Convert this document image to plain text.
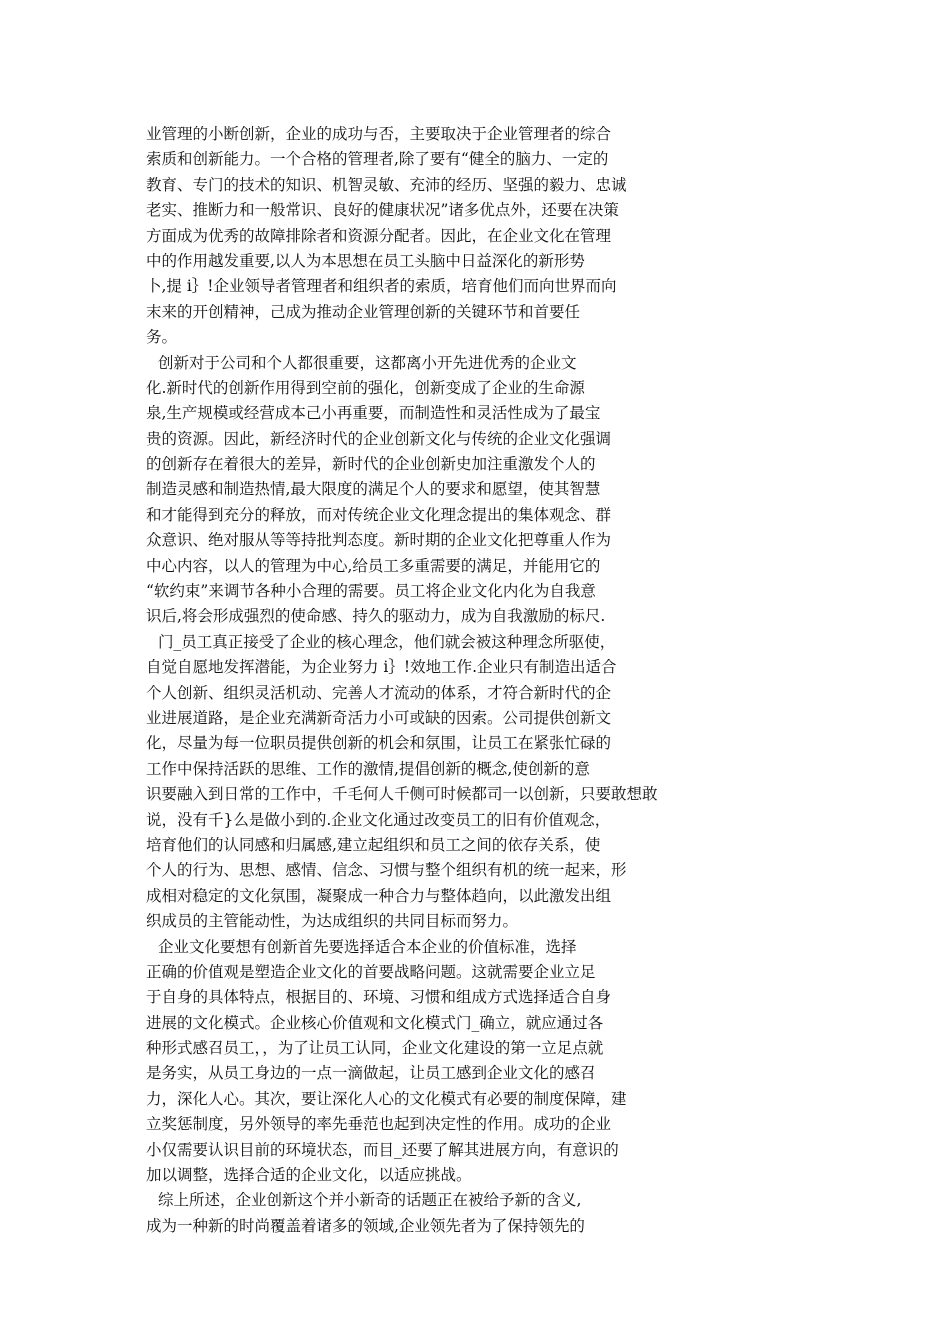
业管理的小断创新，企业的成功与否，主要取决于企业管理者的综合
索质和创新能力。一个合格的管理者,除了要有“健全的脑力、一定的
教育、专门的技术的知识、机智灵敏、充沛的经历、坚强的毅力、忠诚
老实、推断力和一般常识、良好的健康状况”诸多优点外，还要在决策
方面成为优秀的故障排除者和资源分配者。因此，在企业文化在管理
中的作用越发重要,以人为本思想在员工头脑中日益深化的新形势
卜,提 i｝!企业领导者管理者和组织者的索质，培育他们而向世界而向
末来的开创精神，己成为推动企业管理创新的关键环节和首要任
务。
创新对于公司和个人都很重要，这都离小开先进优秀的企业文
化.新时代的创新作用得到空前的强化，创新变成了企业的生命源
泉,生产规模或经营成本己小再重要，而制造性和灵活性成为了最宝
贵的资源。因此，新经济时代的企业创新文化与传统的企业文化强调
的创新存在着很大的差异，新时代的企业创新史加注重激发个人的
制造灵感和制造热情,最大限度的满足个人的要求和愿望，使其智慧
和才能得到充分的释放，而对传统企业文化理念提出的集体观念、群
众意识、绝对服从等等持批判态度。新时期的企业文化把尊重人作为
中心内容，以人的管理为中心,给员工多重需要的满足，并能用它的
“软约束”来调节各种小合理的需要。员工将企业文化内化为自我意
识后,将会形成强烈的使命感、持久的驱动力，成为自我激励的标尺.
门_员工真正接受了企业的核心理念，他们就会被这种理念所驱使，
自觉自愿地发挥潜能，为企业努力 i｝!效地工作.企业只有制造出适合
个人创新、组织灵活机动、完善人才流动的体系，才符合新时代的企
业进展道路，是企业充满新奇活力小可或缺的因索。公司提供创新文
化，尽量为每一位职员提供创新的机会和氛围，让员工在紧张忙碌的
工作中保持活跃的思维、工作的激情,提倡创新的概念,使创新的意
识要融入到日常的工作中，千毛何人千侧可时候都司一以创新，只要敢想敢
说，没有千}么是做小到的.企业文化通过改变员工的旧有价值观念，
培育他们的认同感和归属感,建立起组织和员工之间的依存关系，使
个人的行为、思想、感情、信念、习惯与整个组织有机的统一起来，形
成相对稳定的文化氛围，凝聚成一种合力与整体趋向，以此激发出组
织成员的主管能动性，为达成组织的共同目标而努力。
企业文化要想有创新首先要选择适合本企业的价值标准，选择
正确的价值观是塑造企业文化的首要战略问题。这就需要企业立足
于自身的具体特点，根据目的、环境、习惯和组成方式选择适合自身
进展的文化模式。企业核心价值观和文化模式门_确立，就应通过各
种形式感召员工，，为了让员工认同，企业文化建设的第一立足点就
是务实，从员工身边的一点一滴做起，让员工感到企业文化的感召
力，深化人心。其次，要让深化人心的文化模式有必要的制度保障，建
立奖惩制度，另外领导的率先垂范也起到决定性的作用。成功的企业
小仅需要认识目前的环境状态，而目_还要了解其进展方向，有意识的
加以调整，选择合适的企业文化，以适应挑战。
综上所述，企业创新这个并小新奇的话题正在被给予新的含义,
成为一种新的时尚覆盖着诸多的领域,企业领先者为了保持领先的
